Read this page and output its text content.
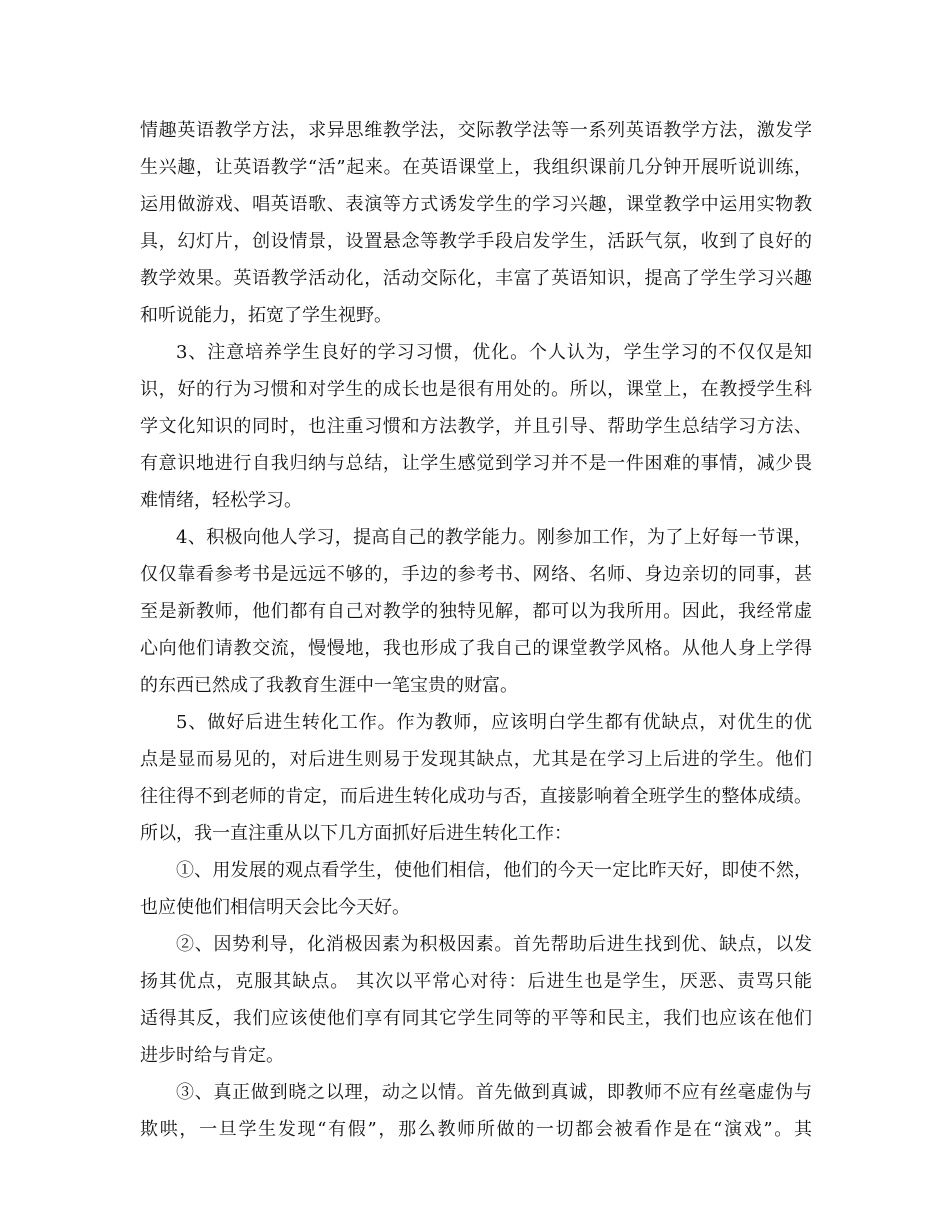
情趣英语教学方法，求异思维教学法，交际教学法等一系列英语教学方法，激发学
生兴趣，让英语教学“活”起来。在英语课堂上，我组织课前几分钟开展听说训练，
运用做游戏、唱英语歌、表演等方式诱发学生的学习兴趣，课堂教学中运用实物教
具，幻灯片，创设情景，设置悬念等教学手段启发学生，活跃气氛，收到了良好的
教学效果。英语教学活动化，活动交际化，丰富了英语知识，提高了学生学习兴趣
和听说能力，拓宽了学生视野。
3、注意培养学生良好的学习习惯，优化。个人认为，学生学习的不仅仅是知
识，好的行为习惯和对学生的成长也是很有用处的。所以，课堂上，在教授学生科
学文化知识的同时，也注重习惯和方法教学，并且引导、帮助学生总结学习方法、
有意识地进行自我归纳与总结，让学生感觉到学习并不是一件困难的事情，减少畏
难情绪，轻松学习。
4、积极向他人学习，提高自己的教学能力。刚参加工作，为了上好每一节课，
仅仅靠看参考书是远远不够的，手边的参考书、网络、名师、身边亲切的同事，甚
至是新教师，他们都有自己对教学的独特见解，都可以为我所用。因此，我经常虚
心向他们请教交流，慢慢地，我也形成了我自己的课堂教学风格。从他人身上学得
的东西已然成了我教育生涯中一笔宝贵的财富。
5、做好后进生转化工作。作为教师，应该明白学生都有优缺点，对优生的优
点是显而易见的，对后进生则易于发现其缺点，尤其是在学习上后进的学生。他们
往往得不到老师的肯定，而后进生转化成功与否，直接影响着全班学生的整体成绩。
所以，我一直注重从以下几方面抓好后进生转化工作：
①、用发展的观点看学生，使他们相信，他们的今天一定比昨天好，即使不然，
也应使他们相信明天会比今天好。
②、因势利导，化消极因素为积极因素。首先帮助后进生找到优、缺点，以发
扬其优点，克服其缺点。 其次以平常心对待：后进生也是学生，厌恶、责骂只能
适得其反，我们应该使他们享有同其它学生同等的平等和民主，我们也应该在他们
进步时给与肯定。
③、真正做到晓之以理，动之以情。首先做到真诚，即教师不应有丝毫虚伪与
欺哄，一旦学生发现“有假”，那么教师所做的一切都会被看作是在“演戏”。其
